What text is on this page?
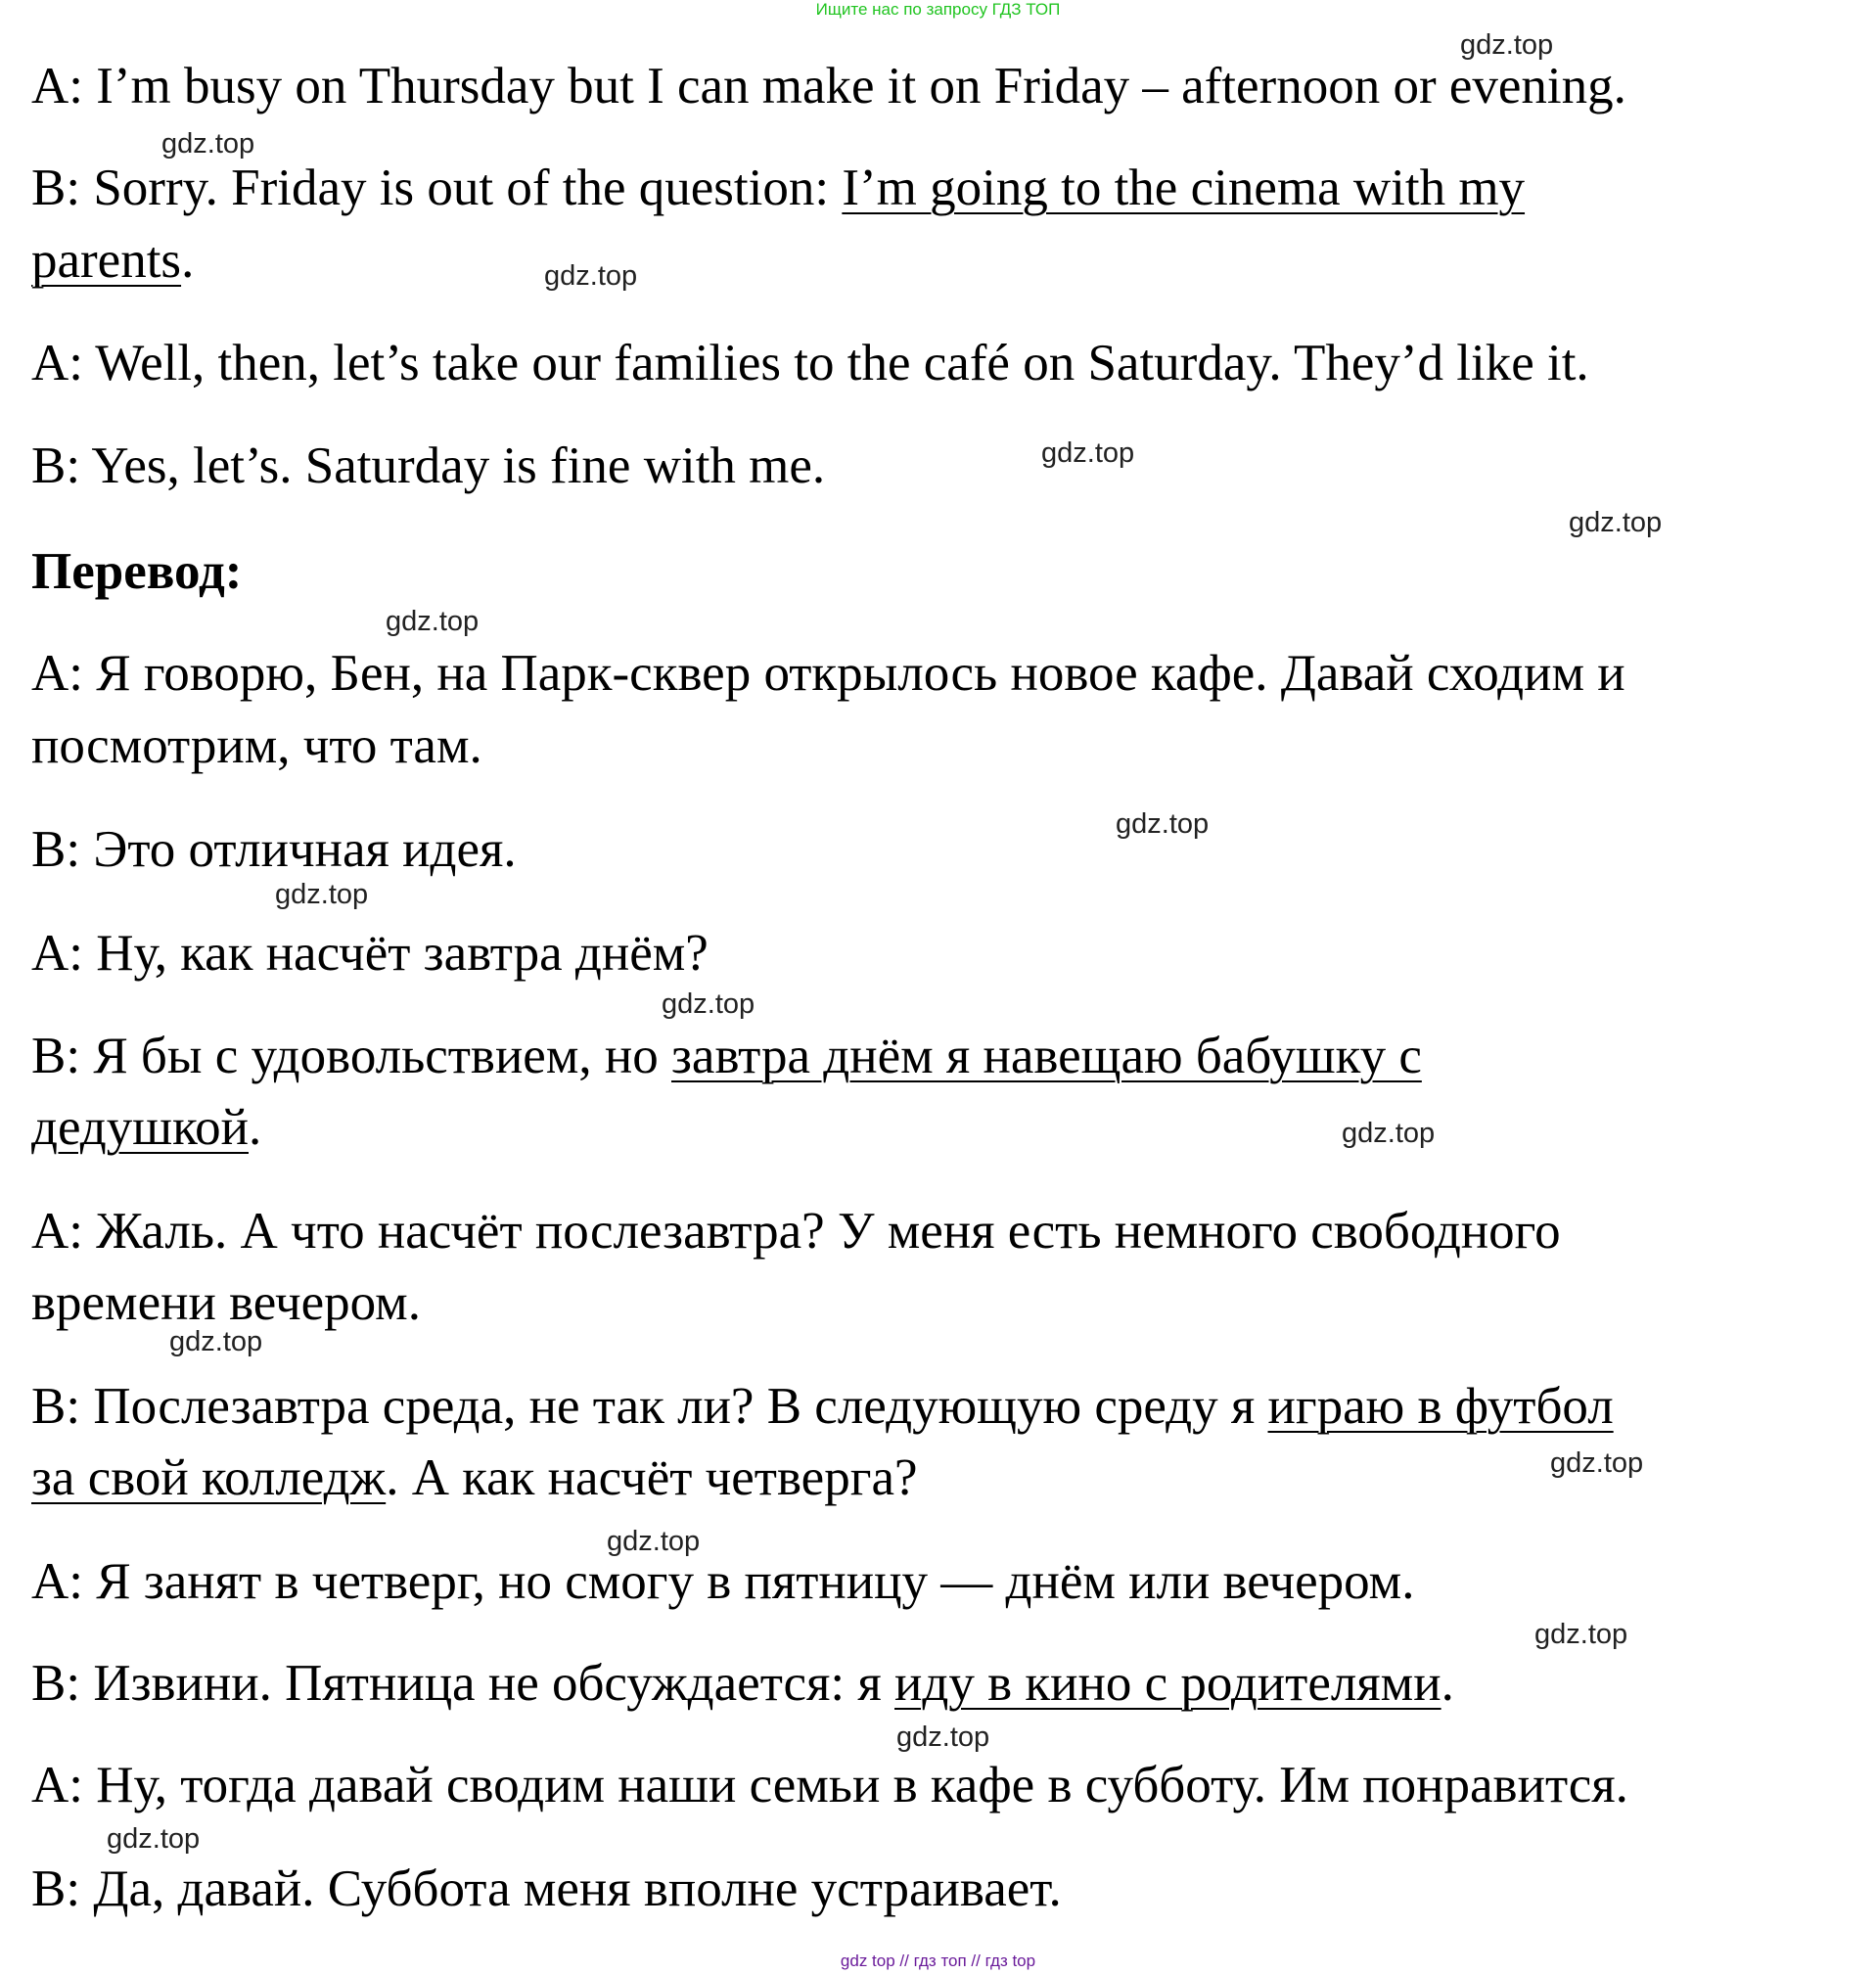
Ищите нас по запросу ГДЗ ТОП
A: I’m busy on Thursday but I can make it on Friday – afternoon or evening.
B: Sorry. Friday is out of the question: I’m going to the cinema with my
parents.
A: Well, then, let’s take our families to the café on Saturday. They’d like it.
B: Yes, let’s. Saturday is fine with me.
Перевод:
А: Я говорю, Бен, на Парк-сквер открылось новое кафе. Давай сходим и
посмотрим, что там.
В: Это отличная идея.
А: Ну, как насчёт завтра днём?
В: Я бы с удовольствием, но завтра днём я навещаю бабушку с
дедушкой.
А: Жаль. А что насчёт послезавтра? У меня есть немного свободного
времени вечером.
В: Послезавтра среда, не так ли? В следующую среду я играю в футбол
за свой колледж. А как насчёт четверга?
А: Я занят в четверг, но смогу в пятницу — днём или вечером.
В: Извини. Пятница не обсуждается: я иду в кино с родителями.
А: Ну, тогда давай сводим наши семьи в кафе в субботу. Им понравится.
В: Да, давай. Суббота меня вполне устраивает.
gdz.top
gdz.top
gdz.top
gdz.top
gdz.top
gdz.top
gdz.top
gdz.top
gdz.top
gdz.top
gdz.top
gdz.top
gdz.top
gdz.top
gdz.top
gdz.top
gdz top // гдз топ // гдз top
